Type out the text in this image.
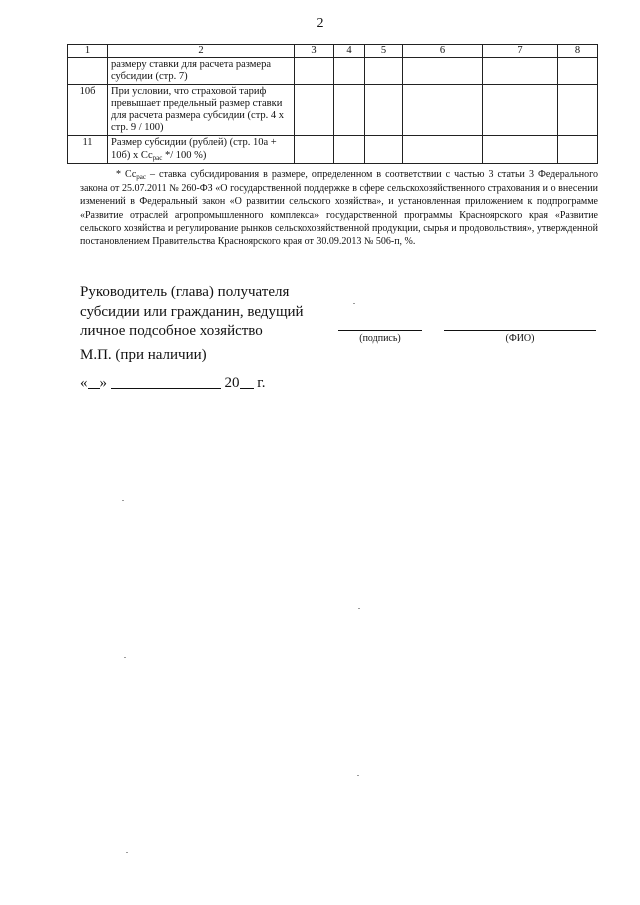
2
1	2	3	4	5	6	7	8
	размеру ставки для расчета размера субсидии (стр. 7)						
10б	При условии, что страховой тариф превышает предельный размер ставки для расчета размера субсидии (стр. 4 х стр. 9 / 100)						
11	Размер субсидии (рублей) (стр. 10а + 10б) х $Сс_{рас} */ 100$ %)						
* $Сс_{рас}$ – ставка субсидирования в размере, определенном в соответствии с частью 3 статьи 3 Федерального закона от 25.07.2011 № 260-ФЗ «О государственной поддержке в сфере сельскохозяйственного страхования и о внесении изменений в Федеральный закон «О развитии сельского хозяйства», и установленная приложением к подпрограмме «Развитие отраслей агропромышленного комплекса» государственной программы Красноярского края «Развитие сельского хозяйства и регулирование рынков сельскохозяйственной продукции, сырья и продовольствия», утвержденной постановлением Правительства Красноярского края от 30.09.2013 № 506-п, %.
Руководитель (глава) получателя субсидии или гражданин, ведущий личное подсобное хозяйство	(подпись)	(ФИО)
М.П. (при наличии)
« »	20 г.
